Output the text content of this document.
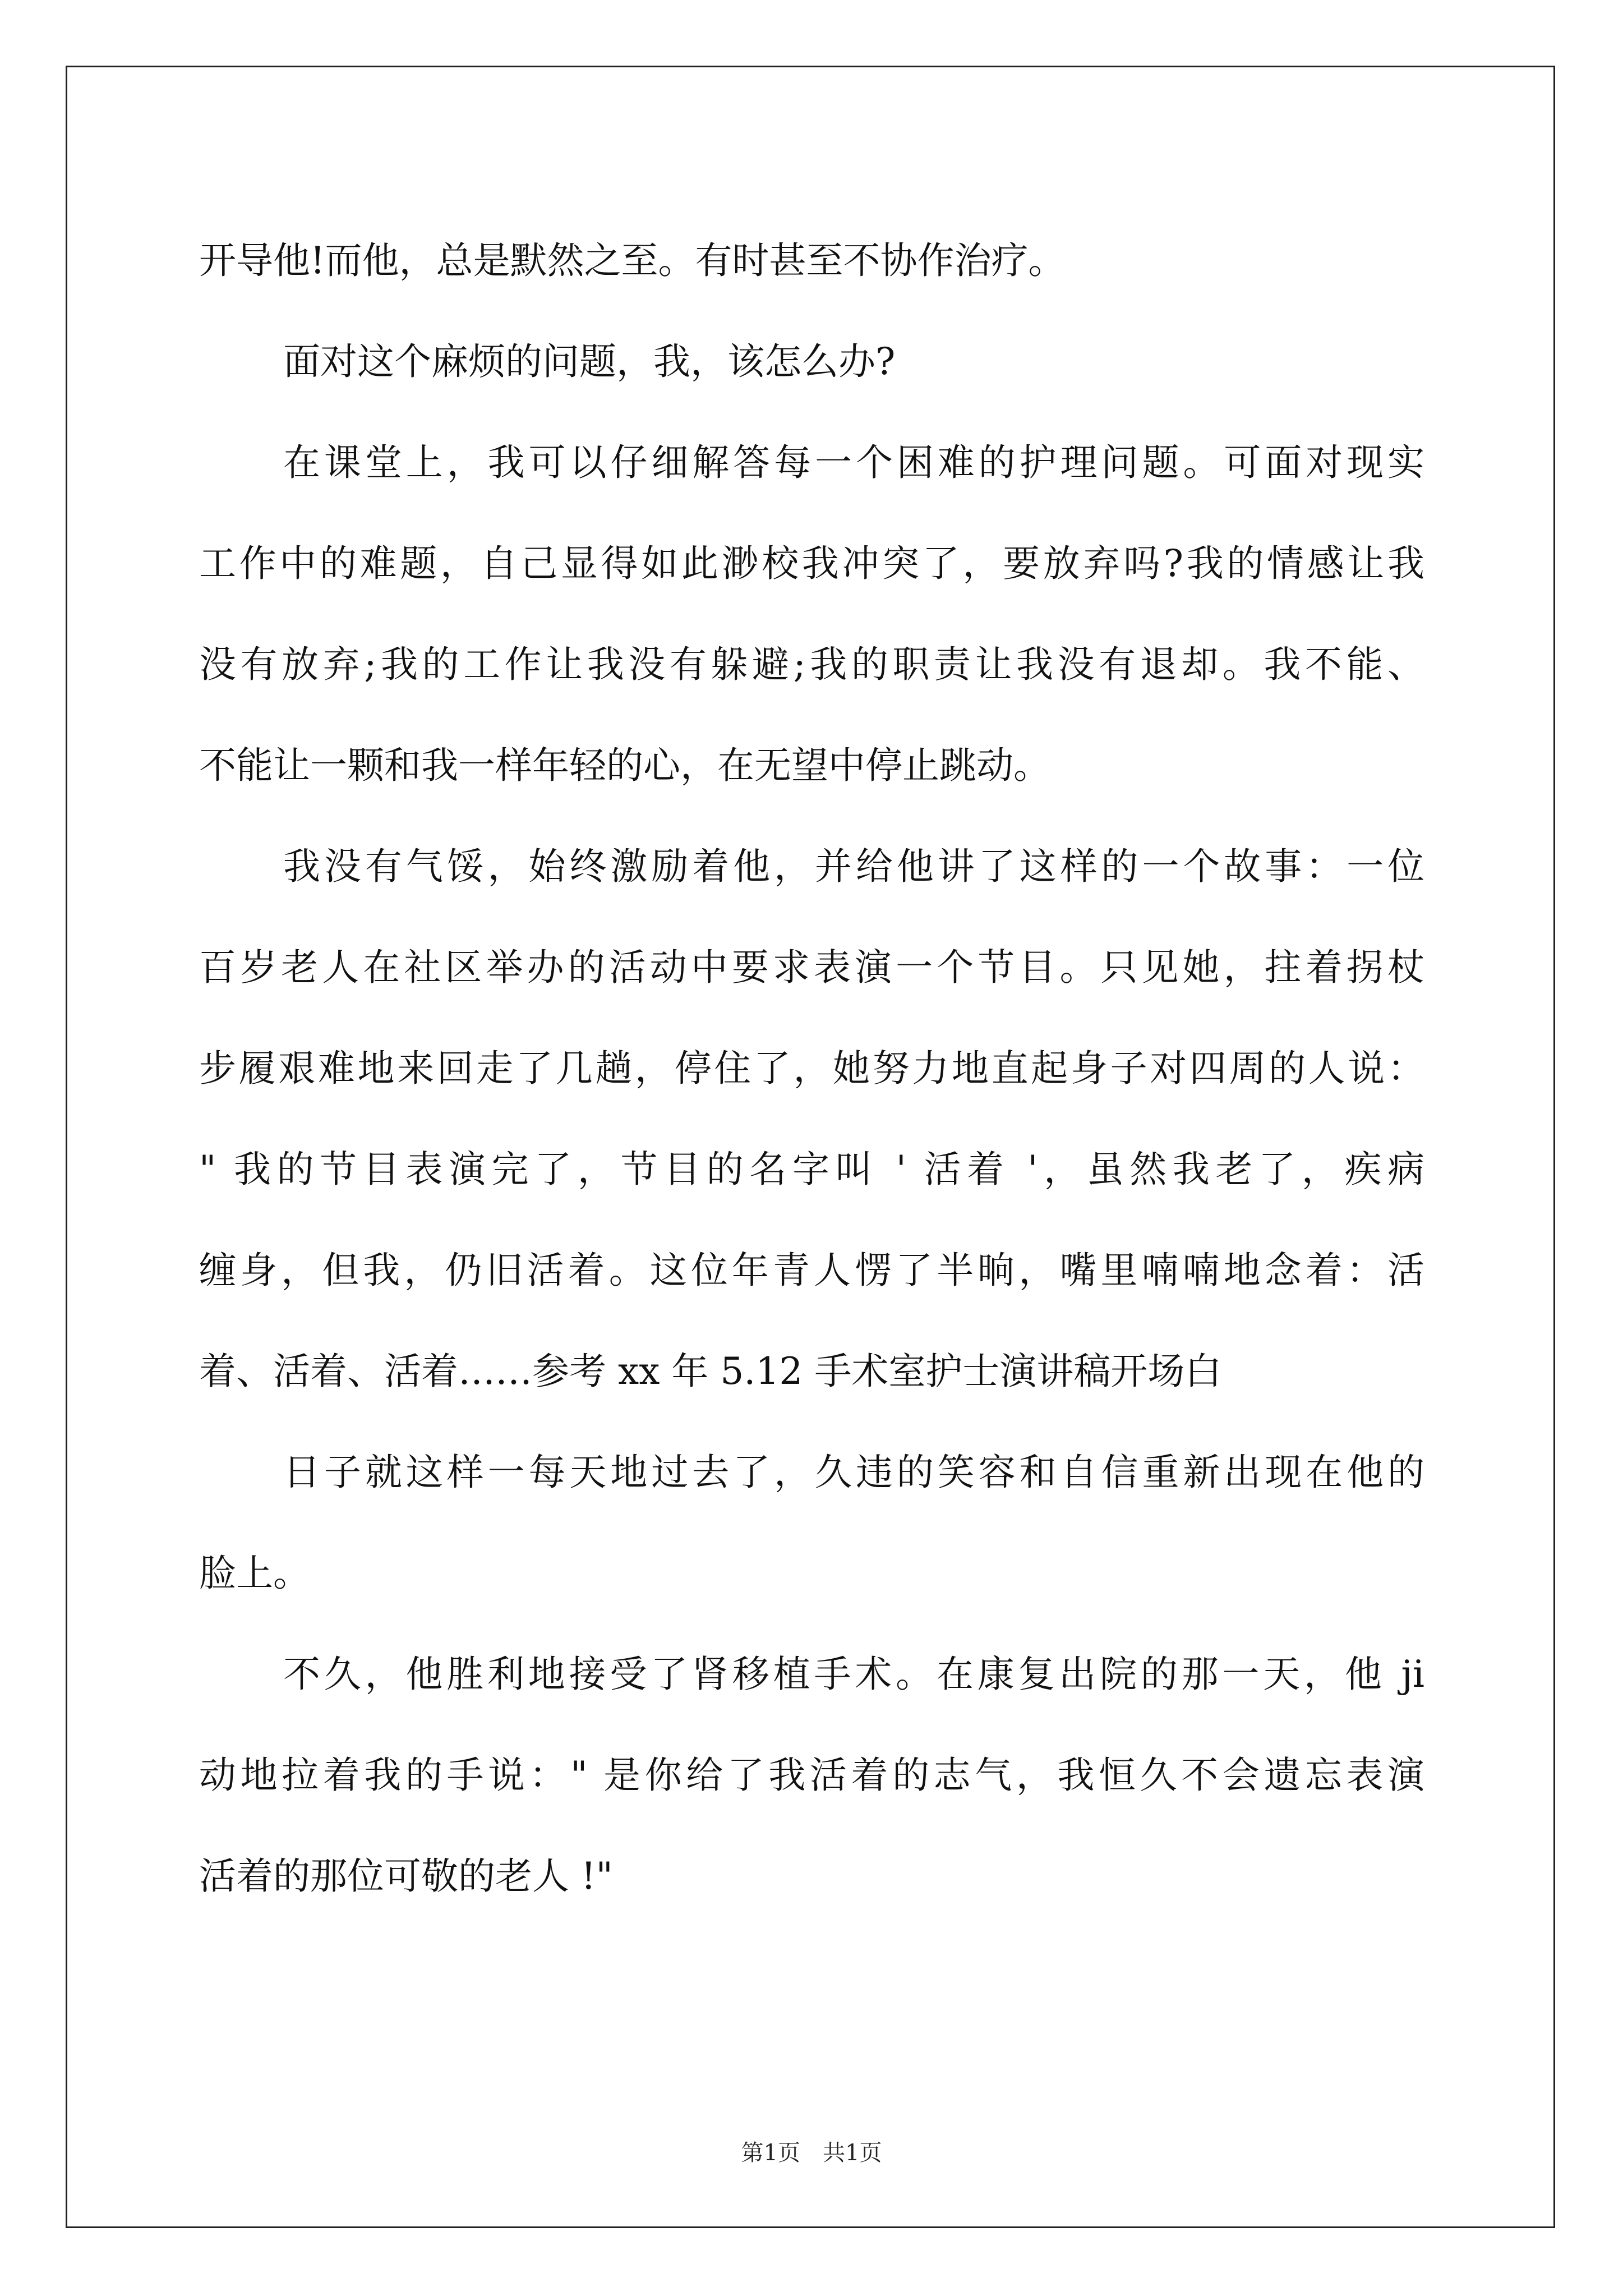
开导他!而他，总是默然之至。有时甚至不协作治疗。
面对这个麻烦的问题，我，该怎么办?
在课堂上，我可以仔细解答每一个困难的护理问题。可面对现实
工作中的难题，自己显得如此渺校我冲突了，要放弃吗?我的情感让我
没有放弃;我的工作让我没有躲避;我的职责让我没有退却。我不能、
不能让一颗和我一样年轻的心，在无望中停止跳动。
我没有气馁，始终激励着他，并给他讲了这样的一个故事：一位
百岁老人在社区举办的活动中要求表演一个节目。只见她，拄着拐杖
步履艰难地来回走了几趟，停住了，她努力地直起身子对四周的人说：
" 我的节目表演完了，节目的名字叫 ' 活着 '，虽然我老了，疾病
缠身，但我，仍旧活着。这位年青人愣了半晌，嘴里喃喃地念着：活
着、活着、活着……参考 xx 年 5.12 手术室护士演讲稿开场白
日子就这样一每天地过去了，久违的笑容和自信重新出现在他的
脸上。
不久，他胜利地接受了肾移植手术。在康复出院的那一天，他 ji
动地拉着我的手说：" 是你给了我活着的志气，我恒久不会遗忘表演
活着的那位可敬的老人 !"
第1页　共1页
